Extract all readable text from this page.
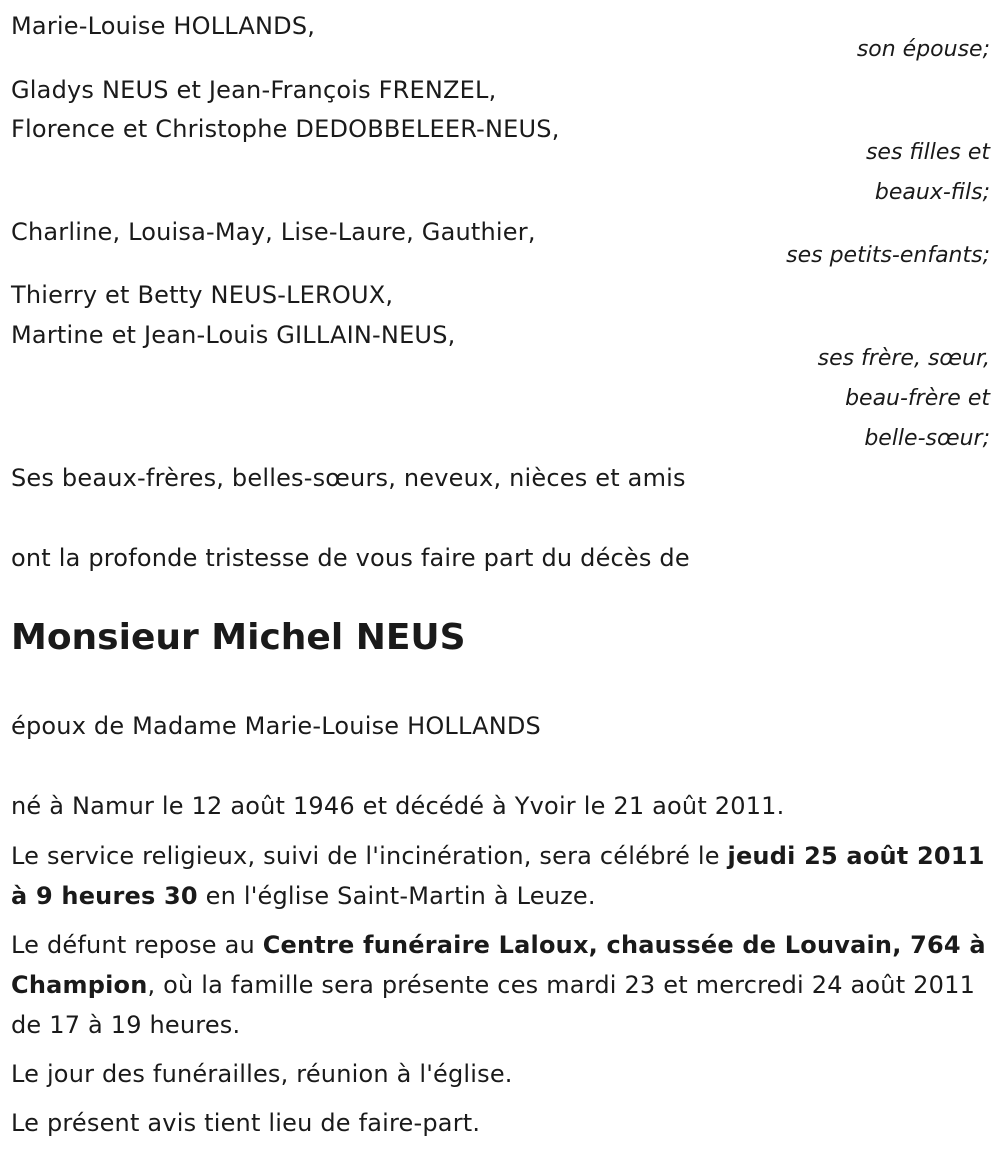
Marie-Louise HOLLANDS,
son épouse;
Gladys NEUS et Jean-François FRENZEL,
Florence et Christophe DEDOBBELEER-NEUS,
ses filles et
beaux-fils;
Charline, Louisa-May, Lise-Laure, Gauthier,
ses petits-enfants;
Thierry et Betty NEUS-LEROUX,
Martine et Jean-Louis GILLAIN-NEUS,
ses frère, sœur,
beau-frère et
belle-sœur;
Ses beaux-frères, belles-sœurs, neveux, nièces et amis
ont la profonde tristesse de vous faire part du décès de
Monsieur Michel NEUS
époux de Madame Marie-Louise HOLLANDS
né à Namur le 12 août 1946 et décédé à Yvoir le 21 août 2011.
Le service religieux, suivi de l'incinération, sera célébré le jeudi 25 août 2011 à 9 heures 30 en l'église Saint-Martin à Leuze.
Le défunt repose au Centre funéraire Laloux, chaussée de Louvain, 764 à Champion, où la famille sera présente ces mardi 23 et mercredi 24 août 2011 de 17 à 19 heures.
Le jour des funérailles, réunion à l'église.
Le présent avis tient lieu de faire-part.
